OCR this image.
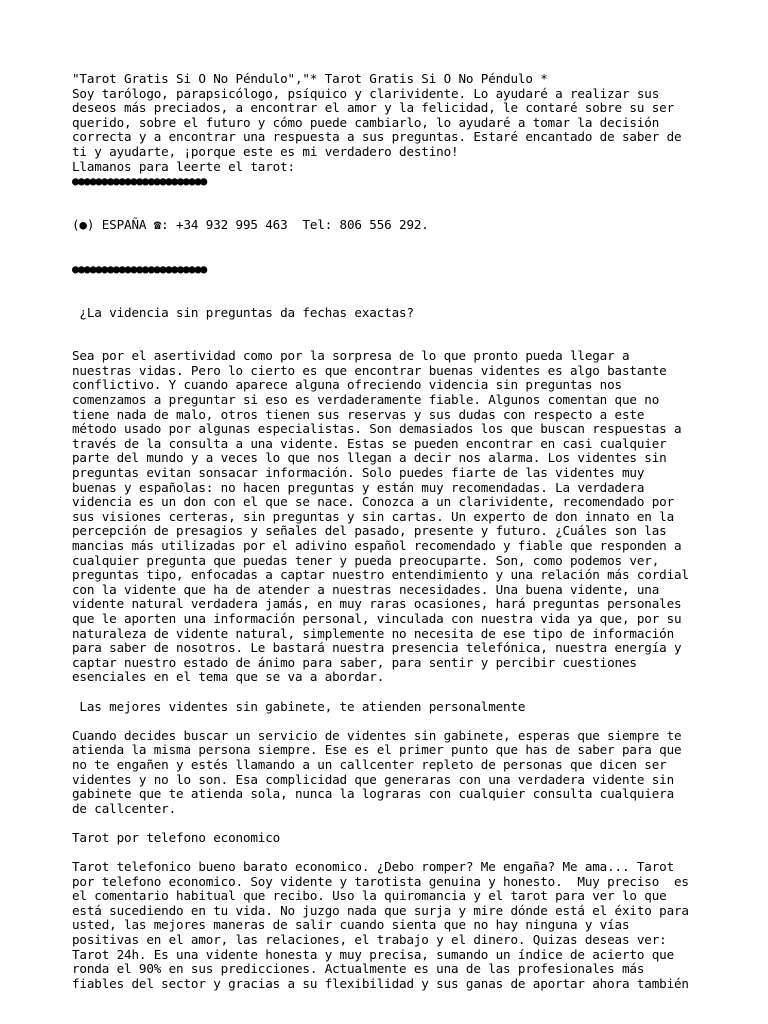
"Tarot Gratis Si O No Péndulo","* Tarot Gratis Si O No Péndulo *
Soy tarólogo, parapsicólogo, psíquico y clarividente. Lo ayudaré a realizar sus
deseos más preciados, a encontrar el amor y la felicidad, le contaré sobre su ser
querido, sobre el futuro y cómo puede cambiarlo, lo ayudaré a tomar la decisión
correcta y a encontrar una respuesta a sus preguntas. Estaré encantado de saber de
ti y ayudarte, ¡porque este es mi verdadero destino!
Llamanos para leerte el tarot:
●●●●●●●●●●●●●●●●●●●●●●●
(●) ESPAÑA ☎: +34 932 995 463  Tel: 806 556 292.
●●●●●●●●●●●●●●●●●●●●●●●
¿La videncia sin preguntas da fechas exactas?
Sea por el asertividad como por la sorpresa de lo que pronto pueda llegar a
nuestras vidas. Pero lo cierto es que encontrar buenas videntes es algo bastante
conflictivo. Y cuando aparece alguna ofreciendo videncia sin preguntas nos
comenzamos a preguntar si eso es verdaderamente fiable. Algunos comentan que no
tiene nada de malo, otros tienen sus reservas y sus dudas con respecto a este
método usado por algunas especialistas. Son demasiados los que buscan respuestas a
través de la consulta a una vidente. Estas se pueden encontrar en casi cualquier
parte del mundo y a veces lo que nos llegan a decir nos alarma. Los videntes sin
preguntas evitan sonsacar información. Solo puedes fiarte de las videntes muy
buenas y españolas: no hacen preguntas y están muy recomendadas. La verdadera
videncia es un don con el que se nace. Conozca a un clarividente, recomendado por
sus visiones certeras, sin preguntas y sin cartas. Un experto de don innato en la
percepción de presagios y señales del pasado, presente y futuro. ¿Cuáles son las
mancias más utilizadas por el adivino español recomendado y fiable que responden a
cualquier pregunta que puedas tener y pueda preocuparte. Son, como podemos ver,
preguntas tipo, enfocadas a captar nuestro entendimiento y una relación más cordial
con la vidente que ha de atender a nuestras necesidades. Una buena vidente, una
vidente natural verdadera jamás, en muy raras ocasiones, hará preguntas personales
que le aporten una información personal, vinculada con nuestra vida ya que, por su
naturaleza de vidente natural, simplemente no necesita de ese tipo de información
para saber de nosotros. Le bastará nuestra presencia telefónica, nuestra energía y
captar nuestro estado de ánimo para saber, para sentir y percibir cuestiones
esenciales en el tema que se va a abordar.
Las mejores videntes sin gabinete, te atienden personalmente
Cuando decides buscar un servicio de videntes sin gabinete, esperas que siempre te
atienda la misma persona siempre. Ese es el primer punto que has de saber para que
no te engañen y estés llamando a un callcenter repleto de personas que dicen ser
videntes y no lo son. Esa complicidad que generaras con una verdadera vidente sin
gabinete que te atienda sola, nunca la lograras con cualquier consulta cualquiera
de callcenter.
Tarot por telefono economico
Tarot telefonico bueno barato economico. ¿Debo romper? Me engaña? Me ama... Tarot
por telefono economico. Soy vidente y tarotista genuina y honesto.  Muy preciso  es
el comentario habitual que recibo. Uso la quiromancia y el tarot para ver lo que
está sucediendo en tu vida. No juzgo nada que surja y mire dónde está el éxito para
usted, las mejores maneras de salir cuando sienta que no hay ninguna y vías
positivas en el amor, las relaciones, el trabajo y el dinero. Quizas deseas ver:
Tarot 24h. Es una vidente honesta y muy precisa, sumando un índice de acierto que
ronda el 90% en sus predicciones. Actualmente es una de las profesionales más
fiables del sector y gracias a su flexibilidad y sus ganas de aportar ahora también
